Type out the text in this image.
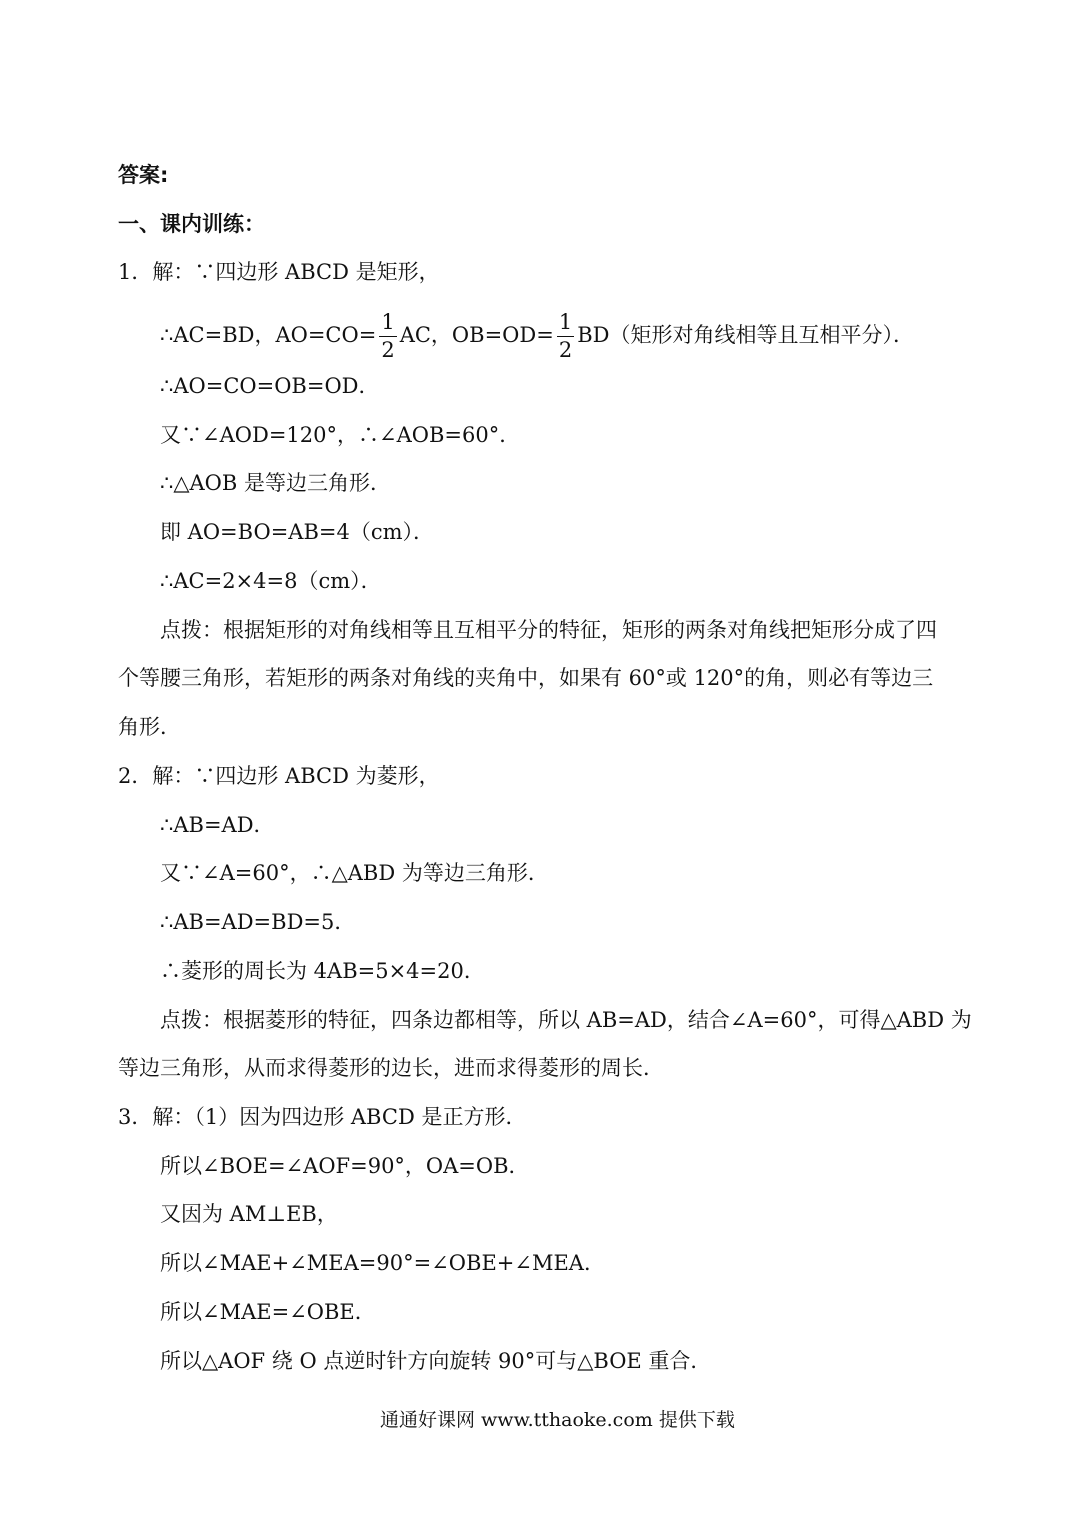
答案:
一、课内训练：
1．解：∵四边形 ABCD 是矩形，
∴AC=BD，$AO=CO= \frac{1}{2}$ AC，$OB=OD= \frac{1}{2} BD$（矩形对角线相等且互相平分）．
∴AO=CO=OB=OD．
又∵∠AOD=120°，∴∠AOB=60°．
∴△AOB 是等边三角形．
即 AO=BO=AB=4（cm）．
∴AC=2×4=8（cm）．
点拨：根据矩形的对角线相等且互相平分的特征，矩形的两条对角线把矩形分成了四
个等腰三角形，若矩形的两条对角线的夹角中，如果有 60°或 120°的角，则必有等边三
角形．
2．解：∵四边形 ABCD 为菱形，
∴AB=AD．
又∵∠A=60°，∴△ABD 为等边三角形．
∴AB=AD=BD=5．
∴菱形的周长为 4AB=5×4=20．
点拨：根据菱形的特征，四条边都相等，所以 AB=AD，结合∠A=60°，可得△ABD 为
等边三角形，从而求得菱形的边长，进而求得菱形的周长．
3．解：（1）因为四边形 ABCD 是正方形．
所以∠BOE=∠AOF=90°，OA=OB．
又因为 AM⊥EB，
所以∠MAE+∠MEA=90°=∠OBE+∠MEA．
所以∠MAE=∠OBE．
所以△AOF 绕 O 点逆时针方向旋转 90°可与△BOE 重合．
通通好课网 www.tthaoke.com 提供下载
